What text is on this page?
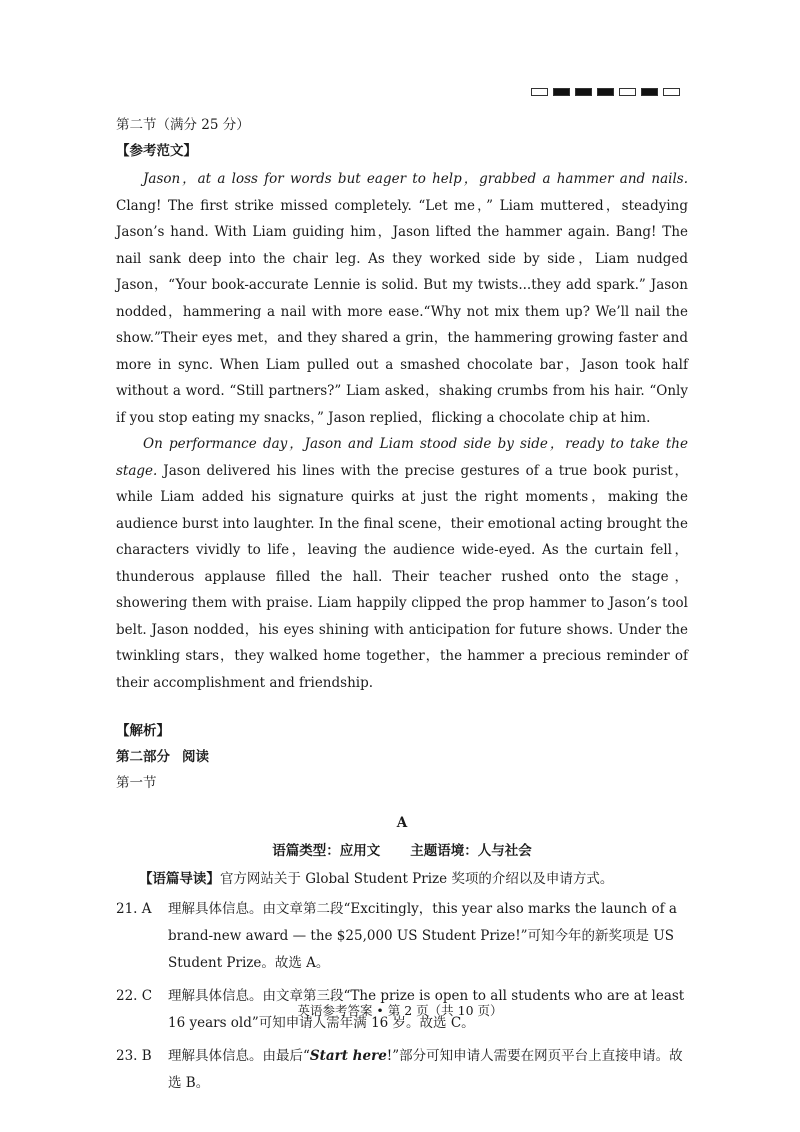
第二节（满分 25 分）

【参考范文】

Jason，at a loss for words but eager to help，grabbed a hammer and nails. Clang! The first strike missed completely. “Let me，” Liam muttered，steadying Jason’s hand. With Liam guiding him，Jason lifted the hammer again. Bang! The nail sank deep into the chair leg. As they worked side by side，Liam nudged Jason，“Your book-accurate Lennie is solid. But my twists...they add spark.” Jason nodded，hammering a nail with more ease.“Why not mix them up? We’ll nail the show.”Their eyes met，and they shared a grin，the hammering growing faster and more in sync. When Liam pulled out a smashed chocolate bar，Jason took half without a word. “Still partners?” Liam asked，shaking crumbs from his hair. “Only if you stop eating my snacks，” Jason replied，flicking a chocolate chip at him.

On performance day，Jason and Liam stood side by side，ready to take the stage. Jason delivered his lines with the precise gestures of a true book purist，while Liam added his signature quirks at just the right moments，making the audience burst into laughter. In the final scene，their emotional acting brought the characters vividly to life，leaving the audience wide-eyed. As the curtain fell，thunderous applause filled the hall. Their teacher rushed onto the stage，showering them with praise. Liam happily clipped the prop hammer to Jason’s tool belt. Jason nodded，his eyes shining with anticipation for future shows. Under the twinkling stars，they walked home together，the hammer a precious reminder of their accomplishment and friendship.

【解析】

第二部分 阅读

第一节

A

语篇类型：应用文 主题语境：人与社会

【语篇导读】官方网站关于 Global Student Prize 奖项的介绍以及申请方式。

21. A	理解具体信息。由文章第二段“Excitingly，this year also marks the launch of a brand-new award — the $25,000 US Student Prize!”可知今年的新奖项是 US Student Prize。故选 A。
22. C	理解具体信息。由文章第三段“The prize is open to all students who are at least 16 years old”可知申请人需年满 16 岁。故选 C。
23. B	理解具体信息。由最后“Start here!”部分可知申请人需要在网页平台上直接申请。故选 B。
英语参考答案 • 第 2 页（共 10 页）
